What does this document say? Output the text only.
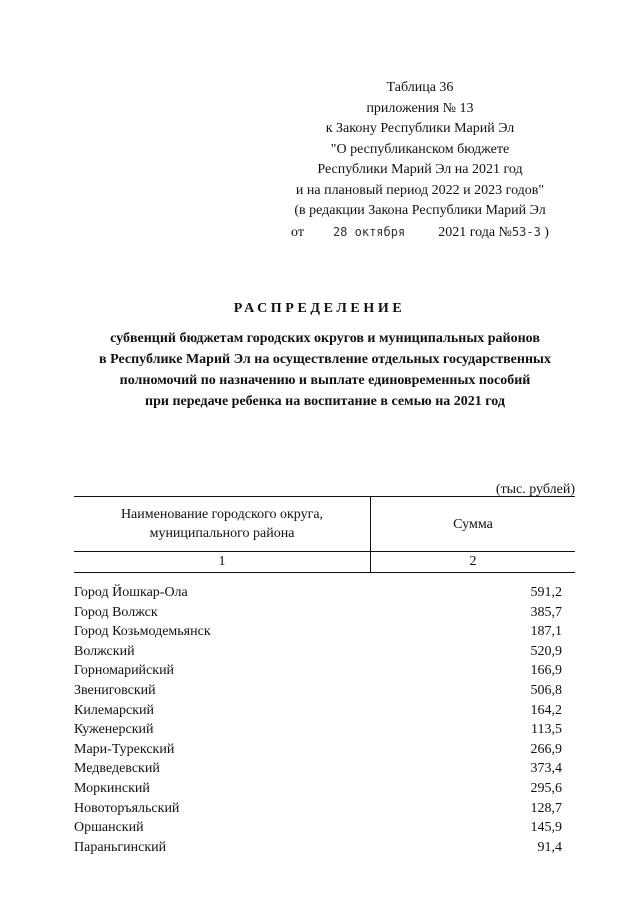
Таблица 36
приложения № 13
к Закону Республики Марий Эл
"О республиканском бюджете
Республики Марий Эл на 2021 год
и на плановый период 2022 и 2023 годов"
(в редакции Закона Республики Марий Эл
от 28 октября 2021 года №53-З )
РАСПРЕДЕЛЕНИЕ
субвенций бюджетам городских округов и муниципальных районов
в Республике Марий Эл на осуществление отдельных государственных
полномочий по назначению и выплате единовременных пособий
при передаче ребенка на воспитание в семью на 2021 год
(тыс. рублей)
Наименование городского округа,
муниципального района	Сумма
1	2

Город Йошкар-Ола	591,2
Город Волжск	385,7
Город Козьмодемьянск	187,1
Волжский	520,9
Горномарийский	166,9
Звениговский	506,8
Килемарский	164,2
Куженерский	113,5
Мари-Турекский	266,9
Медведевский	373,4
Моркинский	295,6
Новоторъяльский	128,7
Оршанский	145,9
Параньгинский	91,4
